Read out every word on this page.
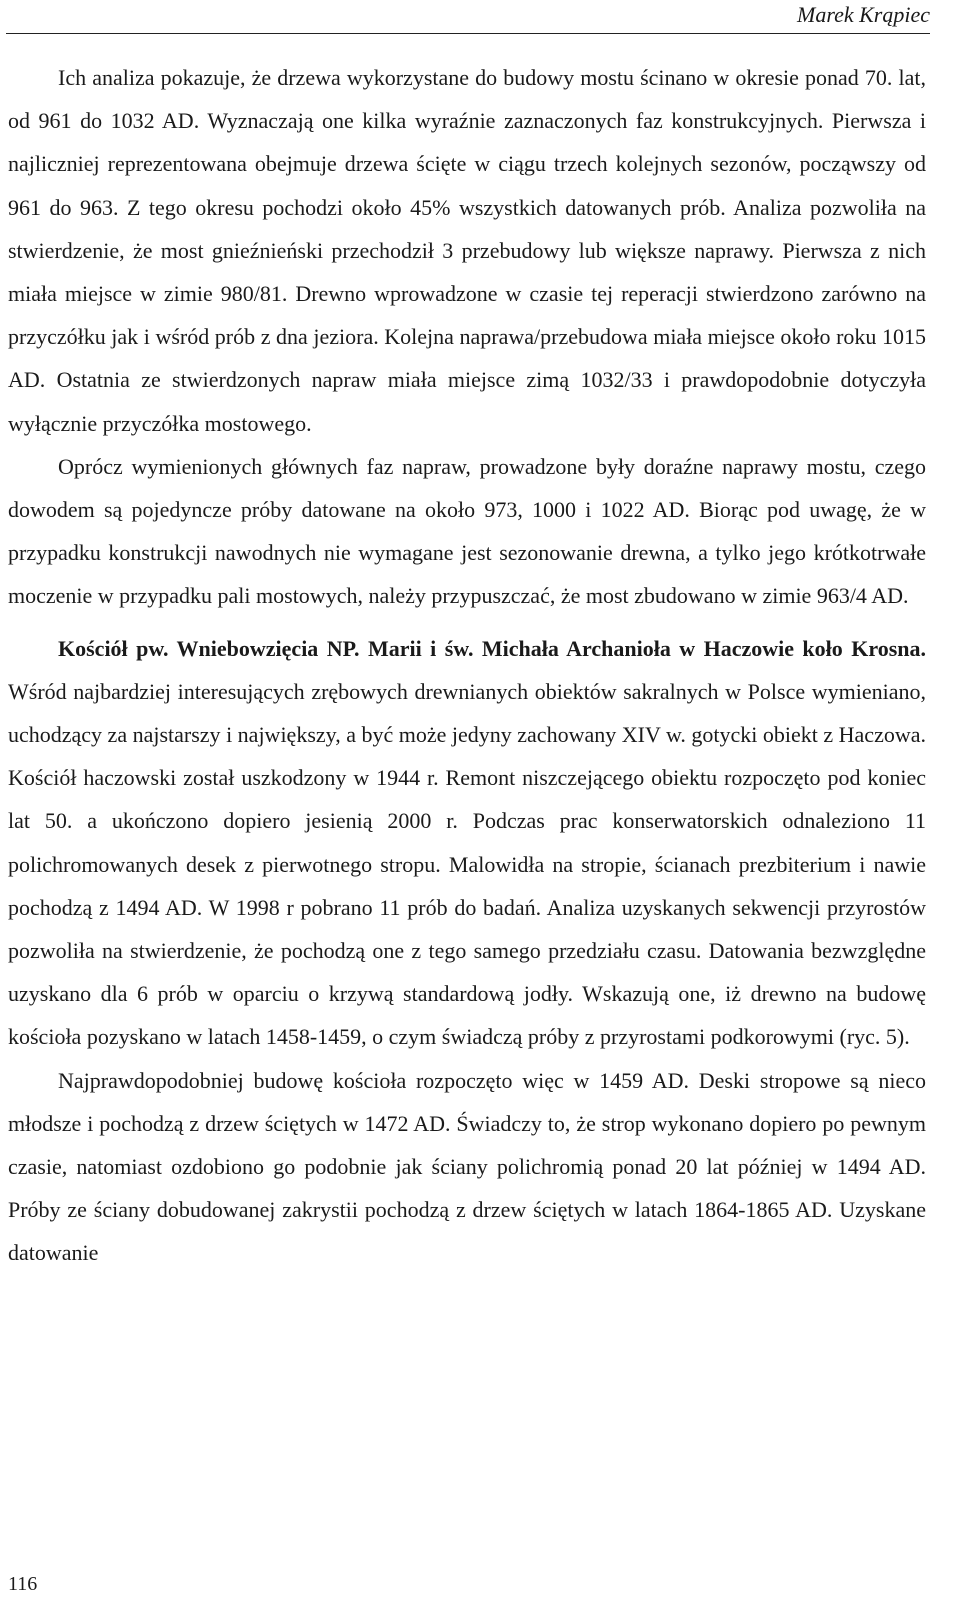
Marek Krąpiec

Ich analiza pokazuje, że drzewa wykorzystane do budowy mostu ścinano w okresie ponad 70. lat, od 961 do 1032 AD. Wyznaczają one kilka wyraźnie zaznaczonych faz konstrukcyjnych. Pierwsza i najliczniej reprezentowana obejmuje drzewa ścięte w ciągu trzech kolejnych sezonów, począwszy od 961 do 963. Z tego okresu pochodzi około 45% wszystkich datowanych prób. Analiza pozwoliła na stwierdzenie, że most gnieźnieński przechodził 3 przebudowy lub większe naprawy. Pierwsza z nich miała miejsce w zimie 980/81. Drewno wprowadzone w czasie tej reperacji stwierdzono zarówno na przyczółku jak i wśród prób z dna jeziora. Kolejna naprawa/przebudowa miała miejsce około roku 1015 AD. Ostatnia ze stwierdzonych napraw miała miejsce zimą 1032/33 i prawdopodobnie dotyczyła wyłącznie przyczółka mostowego.

Oprócz wymienionych głównych faz napraw, prowadzone były doraźne naprawy mostu, czego dowodem są pojedyncze próby datowane na około 973, 1000 i 1022 AD. Biorąc pod uwagę, że w przypadku konstrukcji nawodnych nie wymagane jest sezonowanie drewna, a tylko jego krótkotrwałe moczenie w przypadku pali mostowych, należy przypuszczać, że most zbudowano w zimie 963/4 AD.

Kościół pw. Wniebowzięcia NP. Marii i św. Michała Archanioła w Haczowie koło Krosna. Wśród najbardziej interesujących zrębowych drewnianych obiektów sakralnych w Polsce wymieniano, uchodzący za najstarszy i największy, a być może jedyny zachowany XIV w. gotycki obiekt z Haczowa. Kościół haczowski został uszkodzony w 1944 r. Remont niszczejącego obiektu rozpoczęto pod koniec lat 50. a ukończono dopiero jesienią 2000 r. Podczas prac konserwatorskich odnaleziono 11 polichromowanych desek z pierwotnego stropu. Malowidła na stropie, ścianach prezbiterium i nawie pochodzą z 1494 AD. W 1998 r pobrano 11 prób do badań. Analiza uzyskanych sekwencji przyrostów pozwoliła na stwierdzenie, że pochodzą one z tego samego przedziału czasu. Datowania bezwzględne uzyskano dla 6 prób w oparciu o krzywą standardową jodły. Wskazują one, iż drewno na budowę kościoła pozyskano w latach 1458-1459, o czym świadczą próby z przyrostami podkorowymi (ryc. 5).

Najprawdopodobniej budowę kościoła rozpoczęto więc w 1459 AD. Deski stropowe są nieco młodsze i pochodzą z drzew ściętych w 1472 AD. Świadczy to, że strop wykonano dopiero po pewnym czasie, natomiast ozdobiono go podobnie jak ściany polichromią ponad 20 lat później w 1494 AD. Próby ze ściany dobudowanej zakrystii pochodzą z drzew ściętych w latach 1864-1865 AD. Uzyskane datowanie

116
